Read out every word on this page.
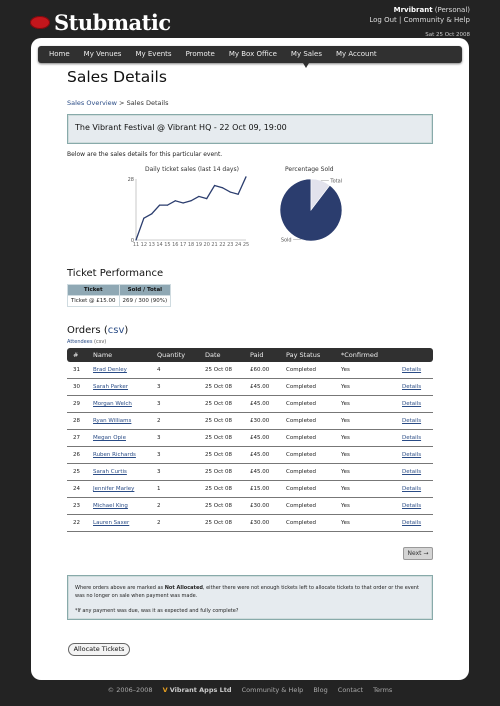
Stubmatic	Mrvibrant (Personal)
Log Out | Community & Help
Sat 25 Oct 2008
Home	My Venues	My Events	Promote	My Box Office	My Sales	My Account
Sales Details
Sales Overview > Sales Details
The Vibrant Festival @ Vibrant HQ - 22 Oct 09, 19:00
Below are the sales details for this particular event.
Daily ticket sales (last 14 days)
28
0
11 12 13 14 15 16 17 18 19 20 21 22 23 24 25
Percentage Sold
Sold
Total
Ticket Performance
Ticket	Sold / Total
Ticket @ £15.00	269 / 300 (90%)
Orders (csv)
Attendees (csv)
#	Name	Quantity	Date	Paid	Pay Status	*Confirmed
31	Brad Denley	4	25 Oct 08	£60.00	Completed	Yes	Details
30	Sarah Parker	3	25 Oct 08	£45.00	Completed	Yes	Details
29	Morgan Welch	3	25 Oct 08	£45.00	Completed	Yes	Details
28	Ryan Williams	2	25 Oct 08	£30.00	Completed	Yes	Details
27	Megan Opie	3	25 Oct 08	£45.00	Completed	Yes	Details
26	Ruben Richards	3	25 Oct 08	£45.00	Completed	Yes	Details
25	Sarah Curtis	3	25 Oct 08	£45.00	Completed	Yes	Details
24	Jennifer Marley	1	25 Oct 08	£15.00	Completed	Yes	Details
23	Michael King	2	25 Oct 08	£30.00	Completed	Yes	Details
22	Lauren Saxer	2	25 Oct 08	£30.00	Completed	Yes	Details
Next →
Where orders above are marked as Not Allocated, either there were not enough tickets left to allocate tickets to that order or the event was no longer on sale when payment was made.
*If any payment was due, was it as expected and fully complete?
Allocate Tickets
© 2006–2008 V Vibrant Apps Ltd Community & Help Blog Contact Terms
